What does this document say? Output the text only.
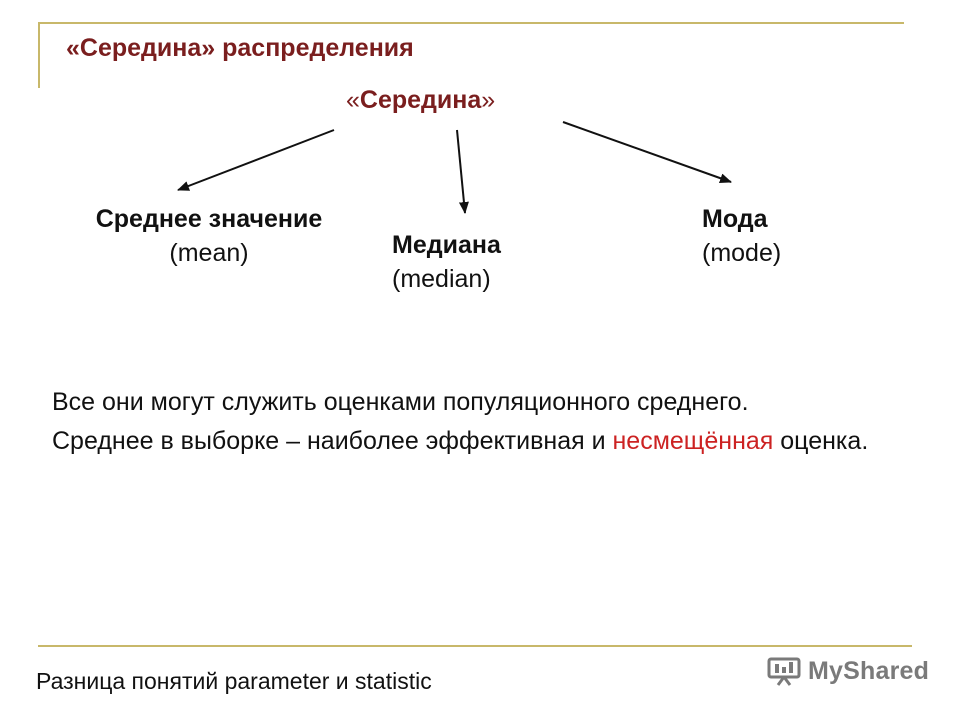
«Середина» распределения
«Середина»
Среднее значение
(mean)	Медиана
(median)
Мода
(mode)

Все они могут служить оценками популяционного среднего.

Среднее в выборке – наиболее эффективная и несмещённая оценка.

Разница понятий parameter и statistic	MyShared
